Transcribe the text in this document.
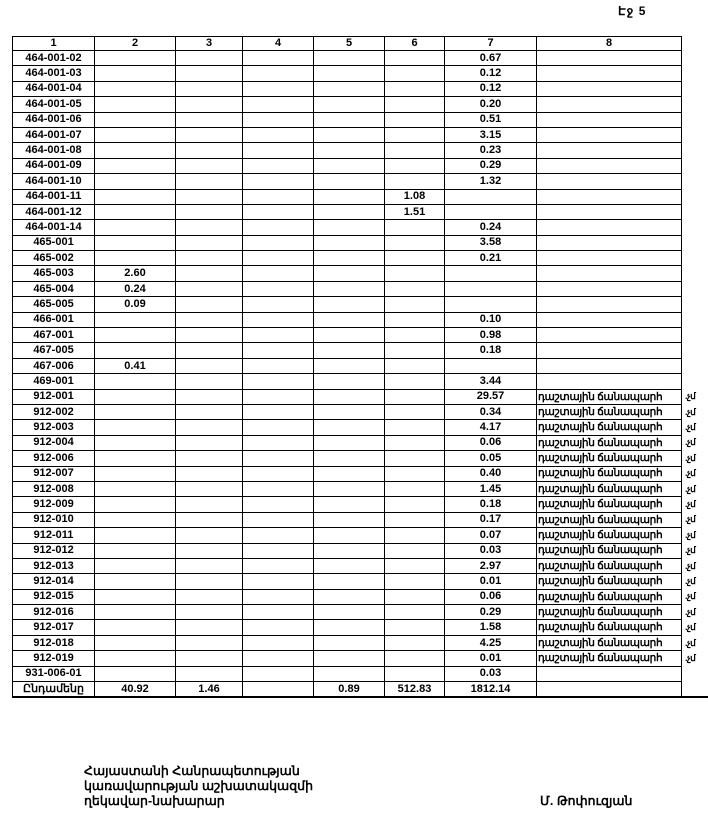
Էջ 5
1	2	3	4	5	6	7	8	
464-001-02						0.67		
464-001-03						0.12		
464-001-04						0.12		
464-001-05						0.20		
464-001-06						0.51		
464-001-07						3.15		
464-001-08						0.23		
464-001-09						0.29		
464-001-10						1.32		
464-001-11					1.08			
464-001-12					1.51			
464-001-14						0.24		
465-001						3.58		
465-002						0.21		
465-003	2.60							
465-004	0.24							
465-005	0.09							
466-001						0.10		
467-001						0.98		
467-005						0.18		
467-006	0.41							
469-001						3.44		
912-001						29.57	դաշտային ճանապարհ	.չմ
912-002						0.34	դաշտային ճանապարհ	.չմ
912-003						4.17	դաշտային ճանապարհ	.չմ
912-004						0.06	դաշտային ճանապարհ	.չմ
912-006						0.05	դաշտային ճանապարհ	.չմ
912-007						0.40	դաշտային ճանապարհ	.չմ
912-008						1.45	դաշտային ճանապարհ	.չմ
912-009						0.18	դաշտային ճանապարհ	.չմ
912-010						0.17	դաշտային ճանապարհ	.չմ
912-011						0.07	դաշտային ճանապարհ	.չմ
912-012						0.03	դաշտային ճանապարհ	.չմ
912-013						2.97	դաշտային ճանապարհ	.չմ
912-014						0.01	դաշտային ճանապարհ	.չմ
912-015						0.06	դաշտային ճանապարհ	.չմ
912-016						0.29	դաշտային ճանապարհ	.չմ
912-017						1.58	դաշտային ճանապարհ	.չմ
912-018						4.25	դաշտային ճանապարհ	.չմ
912-019						0.01	դաշտային ճանապարհ	.չմ
931-006-01						0.03		
Ընդամենը	40.92	1.46		0.89	512.83	1812.14		
Հայաստանի Հանրապետության
կառավարության աշխատակազմի
ղեկավար-նախարար	Մ. Թոփուզյան
